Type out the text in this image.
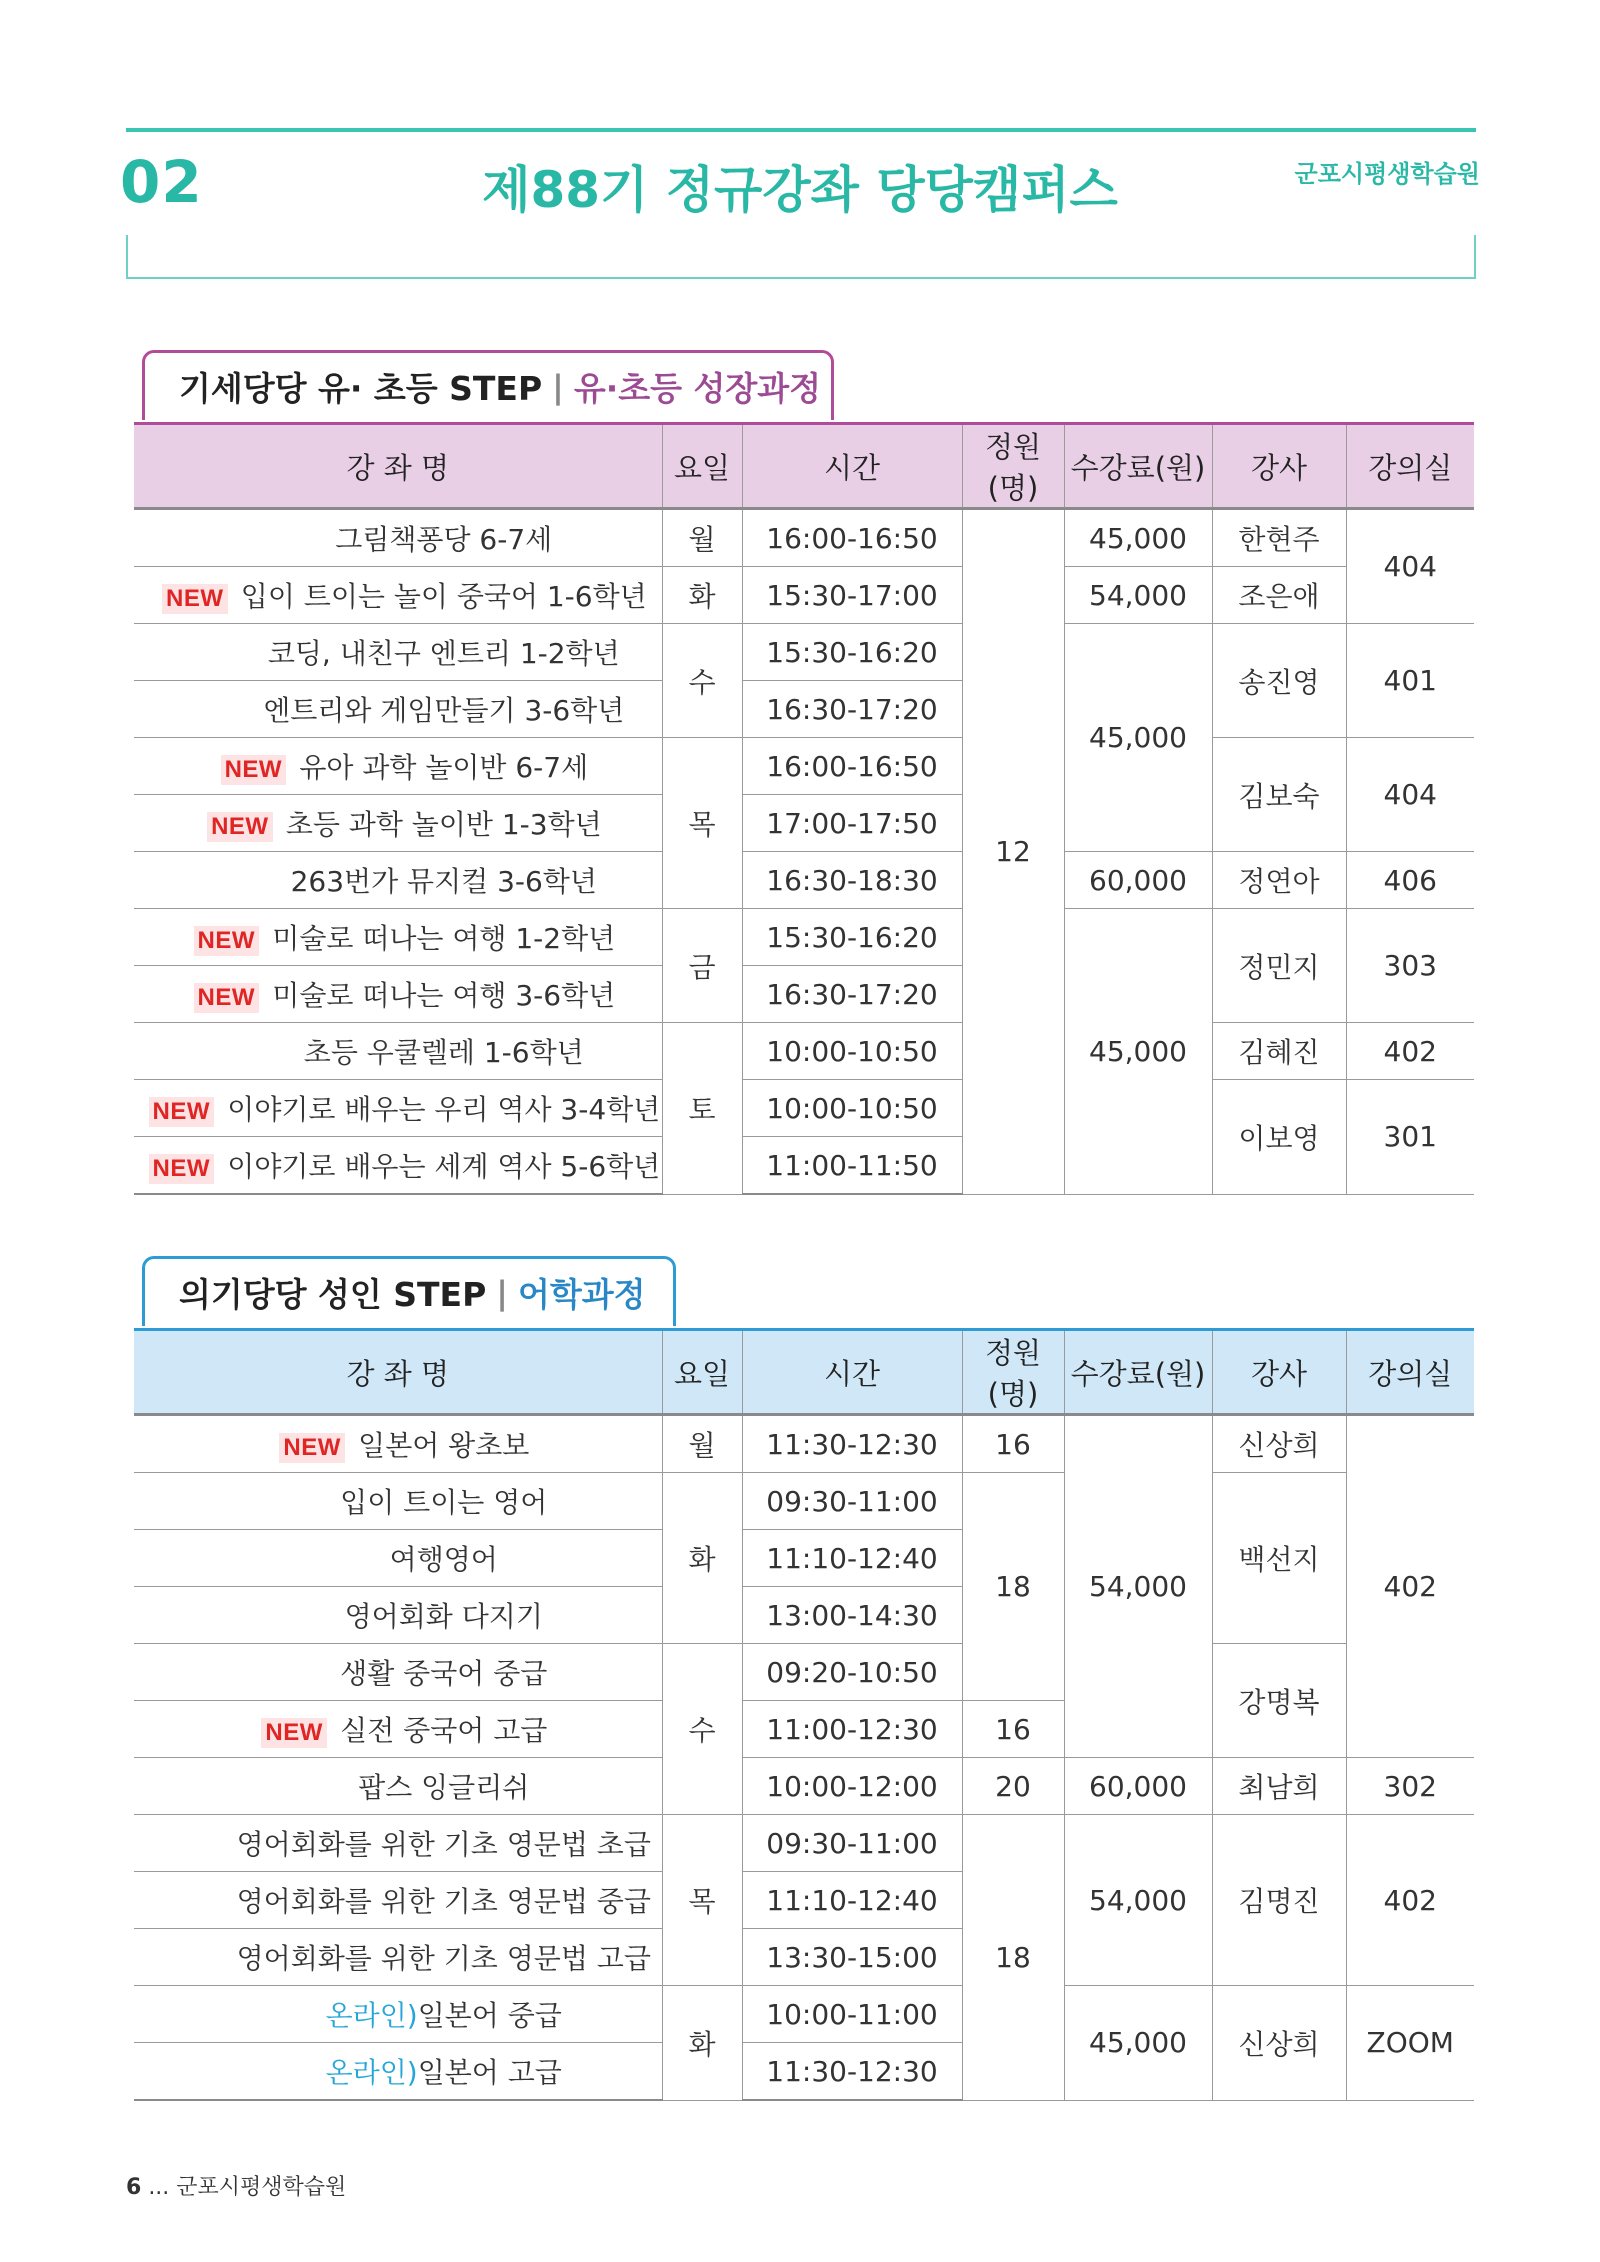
02	제88기 정규강좌 당당캠퍼스	군포시평생학습원
기세당당 유· 초등 STEP | 유·초등 성장과정
강 좌 명	요일	시간	정원(명)	수강료(원)	강사	강의실
그림책퐁당 6-7세	월	16:00-16:50	12	45,000	한현주	404
NEW 입이 트이는 놀이 중국어 1-6학년	화	15:30-17:00		54,000	조은애	
코딩, 내친구 엔트리 1-2학년	수	15:30-16:20		45,000	송진영	401
엔트리와 게임만들기 3-6학년		16:30-17:20				
NEW 유아 과학 놀이반 6-7세	목	16:00-16:50			김보숙	404
NEW 초등 과학 놀이반 1-3학년		17:00-17:50				
263번가 뮤지컬 3-6학년		16:30-18:30		60,000	정연아	406
NEW 미술로 떠나는 여행 1-2학년	금	15:30-16:20		45,000	정민지	303
NEW 미술로 떠나는 여행 3-6학년		16:30-17:20				
초등 우쿨렐레 1-6학년	토	10:00-10:50			김혜진	402
NEW 이야기로 배우는 우리 역사 3-4학년		10:00-10:50			이보영	301
NEW 이야기로 배우는 세계 역사 5-6학년		11:00-11:50				
의기당당 성인 STEP | 어학과정
강 좌 명	요일	시간	정원(명)	수강료(원)	강사	강의실
NEW 일본어 왕초보	월	11:30-12:30	16	54,000	신상희	402
입이 트이는 영어	화	09:30-11:00	18		백선지	
여행영어		11:10-12:40				
영어회화 다지기		13:00-14:30				
생활 중국어 중급	수	09:20-10:50			강명복	
NEW 실전 중국어 고급		11:00-12:30	16			
팝스 잉글리쉬		10:00-12:00	20	60,000	최남희	302
영어회화를 위한 기초 영문법 초급	목	09:30-11:00	18	54,000	김명진	402
영어회화를 위한 기초 영문법 중급		11:10-12:40				
영어회화를 위한 기초 영문법 고급		13:30-15:00				
온라인)일본어 중급	화	10:00-11:00		45,000	신상희	ZOOM
온라인)일본어 고급		11:30-12:30				
6 ... 군포시평생학습원
